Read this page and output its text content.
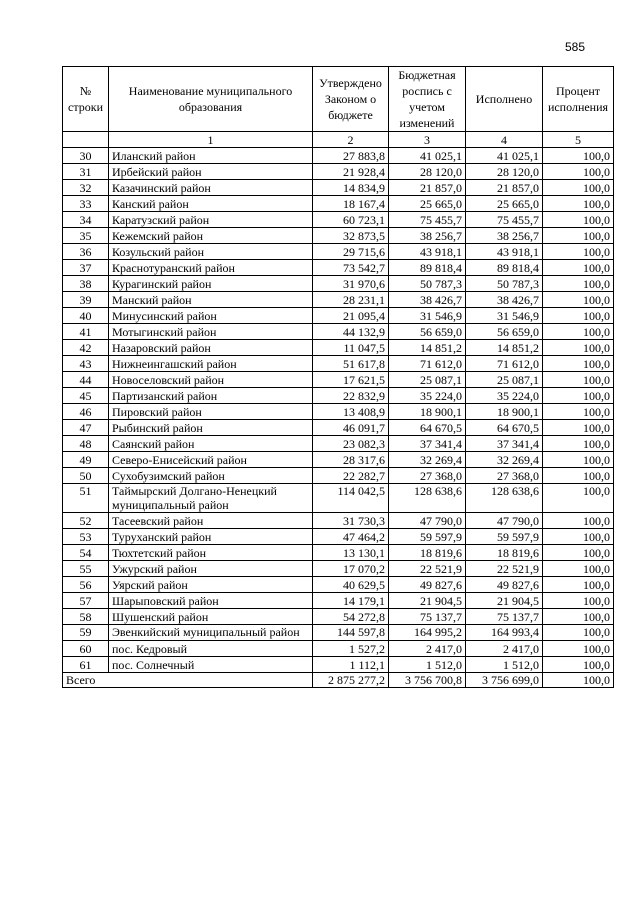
585
№ строки	Наименование муниципального образования	Утверждено Законом о бюджете	Бюджетная роспись с учетом изменений	Исполнено	Процент исполнения
	1	2	3	4	5
30	Иланский район	27 883,8	41 025,1	41 025,1	100,0
31	Ирбейский район	21 928,4	28 120,0	28 120,0	100,0
32	Казачинский район	14 834,9	21 857,0	21 857,0	100,0
33	Канский район	18 167,4	25 665,0	25 665,0	100,0
34	Каратузский район	60 723,1	75 455,7	75 455,7	100,0
35	Кежемский район	32 873,5	38 256,7	38 256,7	100,0
36	Козульский район	29 715,6	43 918,1	43 918,1	100,0
37	Краснотуранский район	73 542,7	89 818,4	89 818,4	100,0
38	Курагинский район	31 970,6	50 787,3	50 787,3	100,0
39	Манский район	28 231,1	38 426,7	38 426,7	100,0
40	Минусинский район	21 095,4	31 546,9	31 546,9	100,0
41	Мотыгинский район	44 132,9	56 659,0	56 659,0	100,0
42	Назаровский район	11 047,5	14 851,2	14 851,2	100,0
43	Нижнеингашский район	51 617,8	71 612,0	71 612,0	100,0
44	Новоселовский район	17 621,5	25 087,1	25 087,1	100,0
45	Партизанский район	22 832,9	35 224,0	35 224,0	100,0
46	Пировский район	13 408,9	18 900,1	18 900,1	100,0
47	Рыбинский район	46 091,7	64 670,5	64 670,5	100,0
48	Саянский район	23 082,3	37 341,4	37 341,4	100,0
49	Северо-Енисейский район	28 317,6	32 269,4	32 269,4	100,0
50	Сухобузимский район	22 282,7	27 368,0	27 368,0	100,0
51	Таймырский Долгано-Ненецкий муниципальный район	114 042,5	128 638,6	128 638,6	100,0
52	Тасеевский район	31 730,3	47 790,0	47 790,0	100,0
53	Туруханский район	47 464,2	59 597,9	59 597,9	100,0
54	Тюхтетский район	13 130,1	18 819,6	18 819,6	100,0
55	Ужурский район	17 070,2	22 521,9	22 521,9	100,0
56	Уярский район	40 629,5	49 827,6	49 827,6	100,0
57	Шарыповский район	14 179,1	21 904,5	21 904,5	100,0
58	Шушенский район	54 272,8	75 137,7	75 137,7	100,0
59	Эвенкийский муниципальный район	144 597,8	164 995,2	164 993,4	100,0
60	пос. Кедровый	1 527,2	2 417,0	2 417,0	100,0
61	пос. Солнечный	1 112,1	1 512,0	1 512,0	100,0
Всего		2 875 277,2	3 756 700,8	3 756 699,0	100,0
